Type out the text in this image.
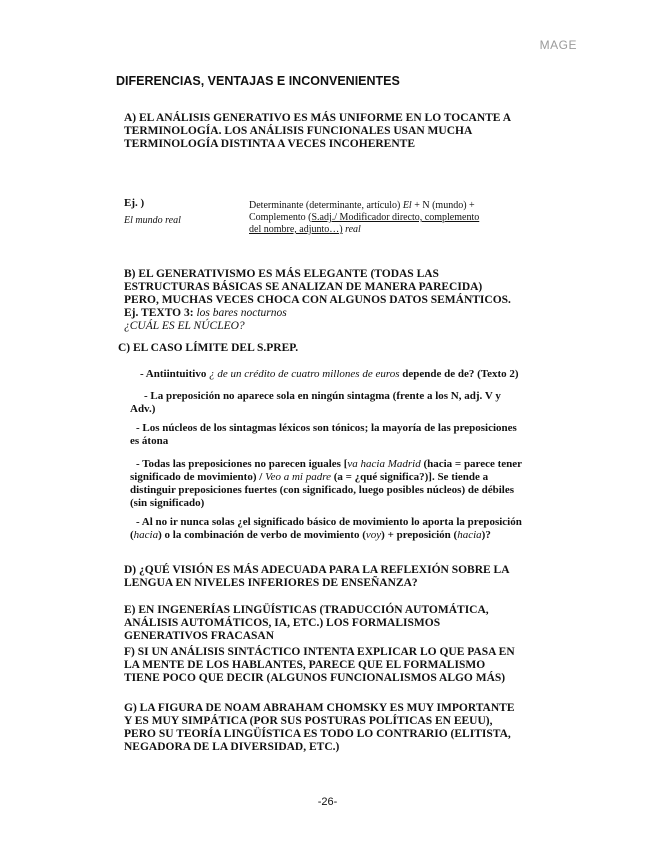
MAGE
DIFERENCIAS, VENTAJAS E INCONVENIENTES
A) EL ANÁLISIS GENERATIVO ES MÁS UNIFORME EN LO TOCANTE A TERMINOLOGÍA. LOS ANÁLISIS FUNCIONALES USAN MUCHA TERMINOLOGÍA DISTINTA A VECES INCOHERENTE
Ej. )
El mundo real
Determinante (determinante, artículo) El + N (mundo) +
Complemento (S.adj./ Modificador directo, complemento del nombre, adjunto…) real
B) EL GENERATIVISMO ES MÁS ELEGANTE (TODAS LAS ESTRUCTURAS BÁSICAS SE ANALIZAN DE MANERA PARECIDA) PERO, MUCHAS VECES CHOCA CON ALGUNOS DATOS SEMÁNTICOS. Ej. TEXTO 3: los bares nocturnos
¿CUÁL ES EL NÚCLEO?
C) EL CASO LÍMITE DEL S.PREP.
- Antiintuitivo ¿ de un crédito de cuatro millones de euros depende de de? (Texto 2)
- La preposición no aparece sola en ningún sintagma (frente a los N, adj. V y Adv.)
- Los núcleos de los sintagmas léxicos son tónicos; la mayoría de las preposiciones es átona
- Todas las preposiciones no parecen iguales [va hacia Madrid (hacia = parece tener significado de movimiento) / Veo a mi padre (a = ¿qué significa?)]. Se tiende a distinguir preposiciones fuertes (con significado, luego posibles núcleos) de débiles (sin significado)
- Al no ir nunca solas ¿el significado básico de movimiento lo aporta la preposición (hacia) o la combinación de verbo de movimiento (voy) + preposición (hacia)?
D) ¿QUÉ VISIÓN ES MÁS ADECUADA PARA LA REFLEXIÓN SOBRE LA LENGUA EN NIVELES INFERIORES DE ENSEÑANZA?
E) EN INGENERÍAS LINGÜÍSTICAS (TRADUCCIÓN AUTOMÁTICA, ANÁLISIS AUTOMÁTICOS, IA, ETC.) LOS FORMALISMOS GENERATIVOS FRACASAN
F) SI UN ANÁLISIS SINTÁCTICO INTENTA EXPLICAR LO QUE PASA EN LA MENTE DE LOS HABLANTES, PARECE QUE EL FORMALISMO TIENE POCO QUE DECIR (ALGUNOS FUNCIONALISMOS ALGO MÁS)
G) LA FIGURA DE NOAM ABRAHAM CHOMSKY ES MUY IMPORTANTE Y ES MUY SIMPÁTICA (POR SUS POSTURAS POLÍTICAS EN EEUU), PERO SU TEORÍA LINGÜÍSTICA ES TODO LO CONTRARIO (ELITISTA, NEGADORA DE LA DIVERSIDAD, ETC.)
-26-
